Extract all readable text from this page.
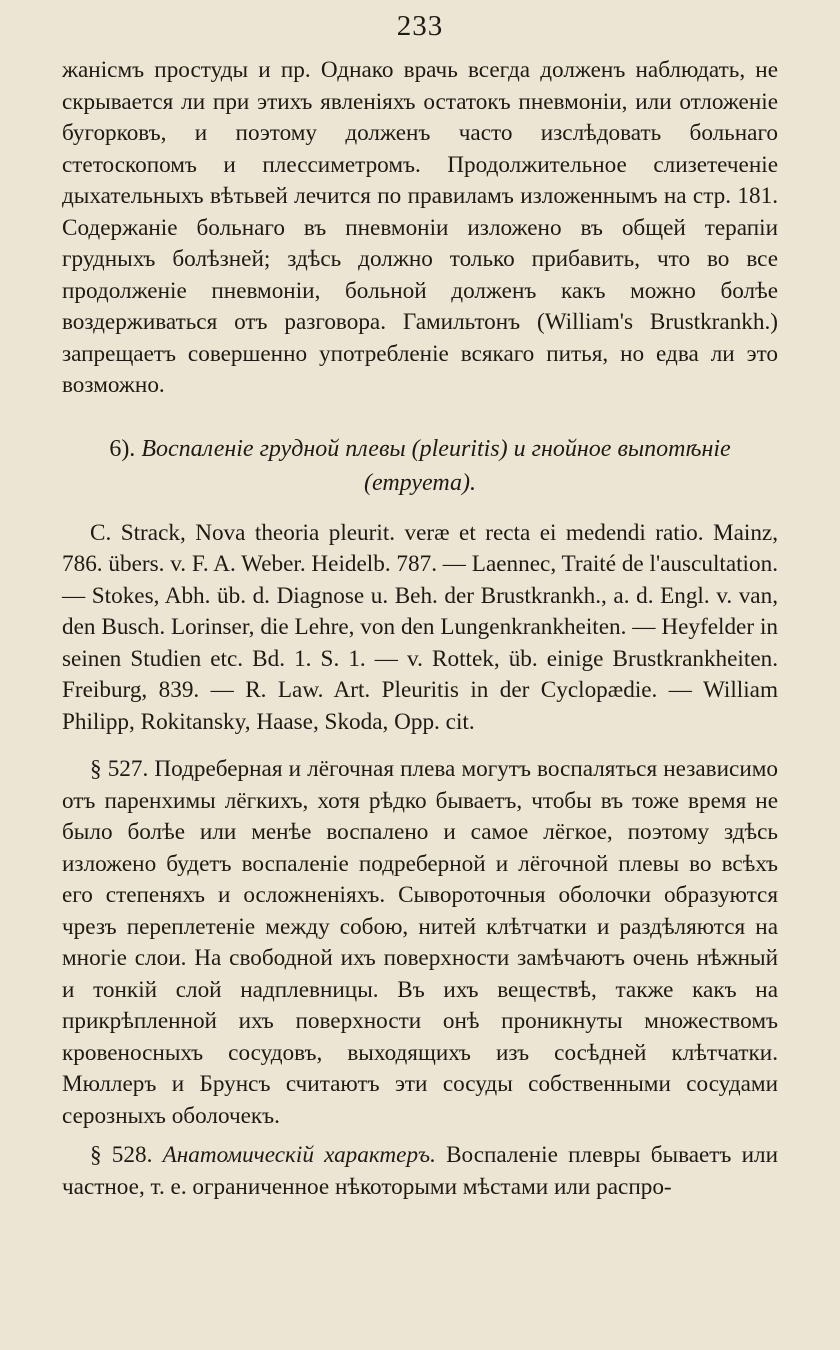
233

жанісмъ простуды и пр. Однако врачь всегда долженъ наблюдать, не скрывается ли при этихъ явленіяхъ остатокъ пневмоніи, или отложеніе бугорковъ, и поэтому долженъ часто изслѣдовать больнаго стетоскопомъ и плессиметромъ. Продолжительное слизетеченіе дыхательныхъ вѣтьвей лечится по правиламъ изложеннымъ на стр. 181. Содержаніе больнаго въ пневмоніи изложено въ общей терапіи грудныхъ болѣзней; здѣсь должно только прибавить, что во все продолженіе пневмоніи, больной долженъ какъ можно болѣе воздерживаться отъ разговора. Гамильтонъ (William's Brustkrankh.) запрещаетъ совершенно употребленіе всякаго питья, но едва ли это возможно.

6). Воспаленіе грудной плевы (pleuritis) и гнойное выпотѣніе (етруета).

C. Strack, Nova theoria pleurit. veræ et recta ei medendi ratio. Mainz, 786. übers. v. F. A. Weber. Heidelb. 787. — Laennec, Traité de l'auscultation. — Stokes, Abh. üb. d. Diagnose u. Beh. der Brustkrankh., a. d. Engl. v. van, den Busch. Lorinser, die Lehre, von den Lungenkrankheiten. — Heyfelder in seinen Studien etc. Bd. 1. S. 1. — v. Rottek, üb. einige Brustkrankheiten. Freiburg, 839. — R. Law. Art. Pleuritis in der Cyclopædie. — William Philipp, Rokitansky, Haase, Skoda, Opp. cit.

§ 527. Подреберная и лёгочная плева могутъ воспаляться независимо отъ паренхимы лёгкихъ, хотя рѣдко бываетъ, чтобы въ тоже время не было болѣе или менѣе воспалено и самое лёгкое, поэтому здѣсь изложено будетъ воспаленіе подреберной и лёгочной плевы во всѣхъ его степеняхъ и осложненіяхъ. Сывороточныя оболочки образуются чрезъ переплетеніе между собою, нитей клѣтчатки и раздѣляются на многіе слои. На свободной ихъ поверхности замѣчаютъ очень нѣжный и тонкій слой надплевницы. Въ ихъ веществѣ, также какъ на прикрѣпленной ихъ поверхности онѣ проникнуты множествомъ кровеносныхъ сосудовъ, выходящихъ изъ сосѣдней клѣтчатки. Мюллеръ и Брунсъ считаютъ эти сосуды собственными сосудами серозныхъ оболочекъ.

§ 528. Анатомическій характеръ. Воспаленіе плевры бываетъ или частное, т. е. ограниченное нѣкоторыми мѣстами или распро-
